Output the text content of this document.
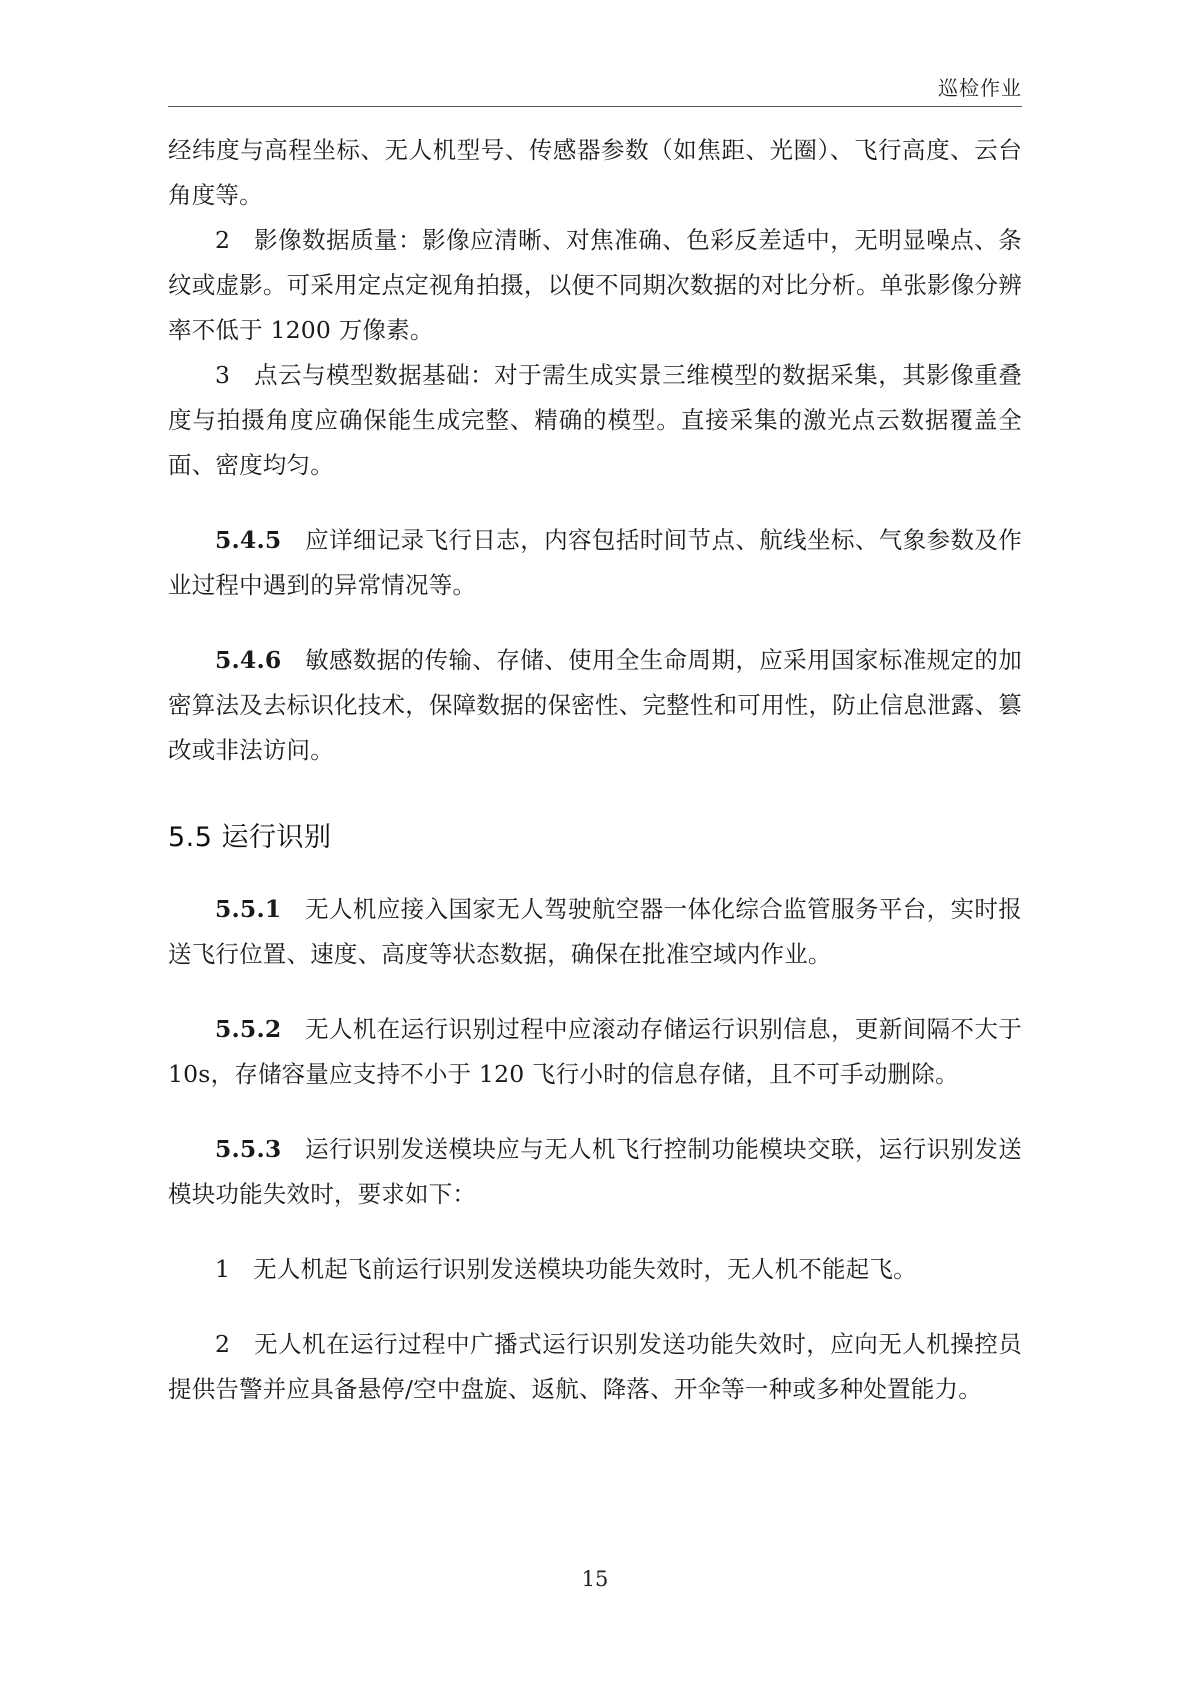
巡检作业

经纬度与高程坐标、无人机型号、传感器参数（如焦距、光圈）、飞行高度、云台角度等。

2 影像数据质量：影像应清晰、对焦准确、色彩反差适中，无明显噪点、条纹或虚影。可采用定点定视角拍摄，以便不同期次数据的对比分析。单张影像分辨率不低于 1200 万像素。

3 点云与模型数据基础：对于需生成实景三维模型的数据采集，其影像重叠度与拍摄角度应确保能生成完整、精确的模型。直接采集的激光点云数据覆盖全面、密度均匀。

5.4.5 应详细记录飞行日志，内容包括时间节点、航线坐标、气象参数及作业过程中遇到的异常情况等。

5.4.6 敏感数据的传输、存储、使用全生命周期，应采用国家标准规定的加密算法及去标识化技术，保障数据的保密性、完整性和可用性，防止信息泄露、篡改或非法访问。

5.5 运行识别

5.5.1 无人机应接入国家无人驾驶航空器一体化综合监管服务平台，实时报送飞行位置、速度、高度等状态数据，确保在批准空域内作业。

5.5.2 无人机在运行识别过程中应滚动存储运行识别信息，更新间隔不大于 10s，存储容量应支持不小于 120 飞行小时的信息存储，且不可手动删除。

5.5.3 运行识别发送模块应与无人机飞行控制功能模块交联，运行识别发送模块功能失效时，要求如下：

1 无人机起飞前运行识别发送模块功能失效时，无人机不能起飞。

2 无人机在运行过程中广播式运行识别发送功能失效时，应向无人机操控员提供告警并应具备悬停/空中盘旋、返航、降落、开伞等一种或多种处置能力。

15
